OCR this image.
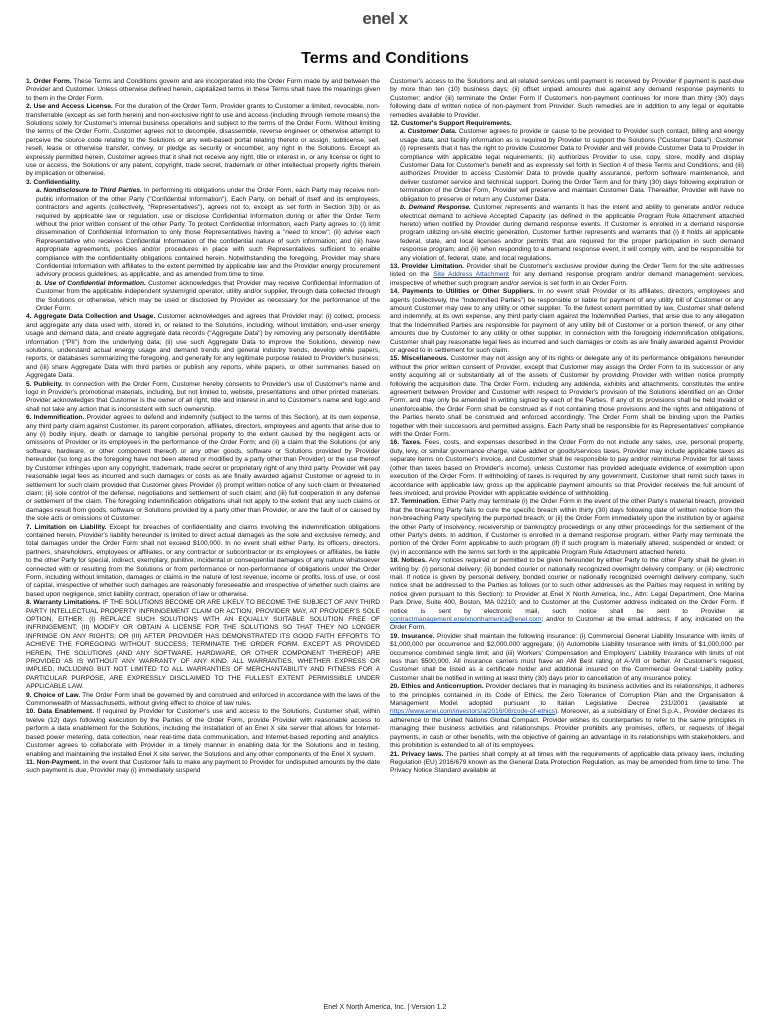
enel x
Terms and Conditions

1. Order Form. These Terms and Conditions govern and are incorporated into the Order Form made by and between the Provider and Customer. Unless otherwise defined herein, capitalized terms in these Terms shall have the meanings given to them in the Order Form.

2. Use and Access License. For the duration of the Order Term, Provider grants to Customer a limited, revocable, non-transferrable (except as set forth herein) and non-exclusive right to use and access (including through remote means) the Solutions solely for Customer's internal business operations and subject to the terms of the Order Form. Without limiting the terms of the Order Form, Customer agrees not to decompile, disassemble, reverse engineer or otherwise attempt to perceive the source code relating to the Solutions or any web-based portal relating thereto or assign, sublicense, sell, resell, lease or otherwise transfer, convey, or pledge as security or encumber, any right in the Solutions. Except as expressly permitted herein, Customer agrees that it shall not receive any right, title or interest in, or any license or right to use or access, the Solutions or any patent, copyright, trade secret, trademark or other intellectual property rights therein by implication or otherwise.

3. Confidentiality.

a. Nondisclosure to Third Parties. In performing its obligations under the Order Form, each Party may receive non-public information of the other Party ("Confidential Information"). Each Party, on behalf of itself and its employees, contractors and agents (collectively, "Representatives"), agrees not to, except as set forth in Section 3(b) or as required by applicable law or regulation, use or disclose Confidential Information during or after the Order Term without the prior written consent of the other Party. To protect Confidential Information, each Party agrees to: (i) limit dissemination of Confidential Information to only those Representatives having a "need to know"; (ii) advise each Representative who receives Confidential Information of the confidential nature of such information; and (iii) have appropriate agreements, policies and/or procedures in place with such Representatives sufficient to enable compliance with the confidentiality obligations contained herein. Notwithstanding the foregoing, Provider may share Confidential Information with affiliates to the extent permitted by applicable law and the Provider energy procurement advisory process guidelines, as applicable, and as amended from time to time.

b. Use of Confidential Information. Customer acknowledges that Provider may receive Confidential Information of Customer from the applicable independent system/grid operator, utility and/or supplier, through data collected through the Solutions or otherwise, which may be used or disclosed by Provider as necessary for the performance of the Order Form.

4. Aggregate Data Collection and Usage. Customer acknowledges and agrees that Provider may: (i) collect, process and aggregate any data used with, stored in, or related to the Solutions, including, without limitation, end-user energy usage and demand data, and create aggregate data records ("Aggregate Data") by removing any personally identifiable information ("PII") from the underlying data; (ii) use such Aggregate Data to improve the Solutions, develop new solutions, understand actual energy usage and demand trends and general industry trends, develop white papers, reports, or databases summarizing the foregoing, and generally for any legitimate purpose related to Provider's business; and (iii) share Aggregate Data with third parties or publish any reports, white papers, or other summaries based on Aggregate Data.

5. Publicity. In connection with the Order Form, Customer hereby consents to Provider's use of Customer's name and logo in Provider's promotional materials, including, but not limited to, website, presentations and other printed materials. Provider acknowledges that Customer is the owner of all right, title and interest in and to Customer's name and logo and shall not take any action that is inconsistent with such ownership.

6. Indemnification. Provider agrees to defend and indemnify (subject to the terms of this Section), at its own expense, any third party claim against Customer, its parent corporation, affiliates, directors, employees and agents that arise due to any (i) bodily injury, death or damage to tangible personal property to the extent caused by the negligent acts or omissions of Provider or its employees in the performance of the Order Form; and (ii) a claim that the Solutions (or any software, hardware, or other component thereof) or any other goods, software or Solutions provided by Provider hereunder (so long as the foregoing have not been altered or modified by a party other than Provider) or the use thereof by Customer infringes upon any copyright, trademark, trade secret or proprietary right of any third party. Provider will pay reasonable legal fees as incurred and such damages or costs as are finally awarded against Customer or agreed to in settlement for such claim provided that Customer gives Provider (i) prompt written notice of any such claim or threatened claim; (ii) sole control of the defense, negotiations and settlement of such claim; and (iii) full cooperation in any defense or settlement of the claim. The foregoing indemnification obligations shall not apply to the extent that any such claims or damages result from goods, software or Solutions provided by a party other than Provider, or are the fault of or caused by the sole acts or omissions of Customer.

7. Limitation on Liability. Except for breaches of confidentiality and claims involving the indemnification obligations contained herein, Provider's liability hereunder is limited to direct actual damages as the sole and exclusive remedy, and total damages under the Order Form shall not exceed $100,000. In no event shall either Party, its officers, directors, partners, shareholders, employees or affiliates, or any contractor or subcontractor or its employees or affiliates, be liable to the other Party for special, indirect, exemplary, punitive, incidental or consequential damages of any nature whatsoever connected with or resulting from the Solutions or from performance or non-performance of obligations under the Order Form, including without limitation, damages or claims in the nature of lost revenue, income or profits, loss of use, or cost of capital, irrespective of whether such damages are reasonably foreseeable and irrespective of whether such claims are based upon negligence, strict liability contract, operation of law or otherwise.

8. Warranty Limitations. IF THE SOLUTIONS BECOME OR ARE LIKELY TO BECOME THE SUBJECT OF ANY THIRD PARTY INTELLECTUAL PROPERTY INFRINGEMENT CLAIM OR ACTION, PROVIDER MAY, AT PROVIDER'S SOLE OPTION, EITHER: (I) REPLACE SUCH SOLUTIONS WITH AN EQUALLY SUITABLE SOLUTION FREE OF INFRINGEMENT; (II) MODIFY OR OBTAIN A LICENSE FOR THE SOLUTIONS SO THAT THEY NO LONGER INFRINGE ON ANY RIGHTS; OR (III) AFTER PROVIDER HAS DEMONSTRATED ITS GOOD FAITH EFFORTS TO ACHIEVE THE FOREGOING WITHOUT SUCCESS, TERMINATE THE ORDER FORM. EXCEPT AS PROVIDED HEREIN, THE SOLUTIONS (AND ANY SOFTWARE, HARDWARE, OR OTHER COMPONENT THEREOF) ARE PROVIDED AS IS WITHOUT ANY WARRANTY OF ANY KIND. ALL WARRANTIES, WHETHER EXPRESS OR IMPLIED, INCLUDING BUT NOT LIMITED TO ALL WARRANTIES OF MERCHANTABILITY AND FITNESS FOR A PARTICULAR PURPOSE, ARE EXPRESSLY DISCLAIMED TO THE FULLEST EXTENT PERMISSIBLE UNDER APPLICABLE LAW.

9. Choice of Law. The Order Form shall be governed by and construed and enforced in accordance with the laws of the Commonwealth of Massachusetts, without giving effect to choice of law rules.

10. Data Enablement. If required by Provider for Customer's use and access to the Solutions, Customer shall, within twelve (12) days following execution by the Parties of the Order Form, provide Provider with reasonable access to perform a data enablement for the Solutions, including the installation of an Enel X site server that allows for Internet-based power metering, data collection, near real-time data communication, and Internet-based reporting and analytics. Customer agrees to collaborate with Provider in a timely manner in enabling data for the Solutions and in testing, enabling and maintaining the installed Enel X site server, the Solutions and any other components of the Enel X system.

11. Non-Payment. In the event that Customer fails to make any payment to Provider for undisputed amounts by the date such payment is due, Provider may (i) immediately suspend

Customer's access to the Solutions and all related services until payment is received by Provider if payment is past-due by more than ten (10) business days; (ii) offset unpaid amounts due against any demand response payments to Customer; and/or (iii) terminate the Order Form if Customer's non-payment continues for more than thirty (30) days following date of written notice of non-payment from Provider. Such remedies are in addition to any legal or equitable remedies available to Provider.

12. Customer's Support Requirements.

a. Customer Data. Customer agrees to provide or cause to be provided to Provider such contact, billing and energy usage data, and facility information as is required by Provider to support the Solutions ("Customer Data"). Customer (i) represents that it has the right to provide Customer Data to Provider and will provide Customer Data to Provider in compliance with applicable legal requirements; (ii) authorizes Provider to use, copy, store, modify and display Customer Data for Customer's benefit and as expressly set forth in Section 4 of these Terms and Conditions; and (iii) authorizes Provider to access Customer Data to provide quality assurance, perform software maintenance, and deliver customer service and technical support. During the Order Term and for thirty (30) days following expiration or termination of the Order Form, Provider will preserve and maintain Customer Data. Thereafter, Provider will have no obligation to preserve or return any Customer Data.

b. Demand Response. Customer represents and warrants it has the intent and ability to generate and/or reduce electrical demand to achieve Accepted Capacity (as defined in the applicable Program Rule Attachment attached hereto) when notified by Provider during demand response events. If Customer is enrolled in a demand response program utilizing on-site electric generation, Customer further represents and warrants that (i) it holds all applicable federal, state, and local licenses and/or permits that are required for the proper participation in such demand response program; and (ii) when responding to a demand response event, it will comply with, and be responsible for any violation of, federal, state, and local regulations.

13. Provider Limitation. Provider shall be Customer's exclusive provider during the Order Term for the site addresses listed on the Site Address Attachment for any demand response program and/or demand management services, irrespective of whether such program and/or service is set forth in an Order Form.

14. Payments to Utilities or Other Suppliers. In no event shall Provider or its affiliates, directors, employees and agents (collectively, the "Indemnified Parties") be responsible or liable for payment of any utility bill of Customer or any amount Customer may owe to any utility or other supplier. To the fullest extent permitted by law, Customer shall defend and indemnify, at its own expense, any third party claim against the Indemnified Parties, that arise due to any allegation that the Indemnified Parties are responsible for payment of any utility bill of Customer or a portion thereof, or any other amounts due by Customer to any utility or other supplier. In connection with the foregoing indemnification obligations, Customer shall pay reasonable legal fees as incurred and such damages or costs as are finally awarded against Provider or agreed to in settlement for such claim.

15. Miscellaneous. Customer may not assign any of its rights or delegate any of its performance obligations hereunder without the prior written consent of Provider, except that Customer may assign the Order Form to its successor or any entity acquiring all or substantially all of the assets of Customer by providing Provider with written notice promptly following the acquisition date. The Order Form, including any addenda, exhibits and attachments, constitutes the entire agreement between Provider and Customer with respect to Provider's provision of the Solutions identified on an Order Form, and may only be amended in writing signed by each of the Parties. If any of its provisions shall be held invalid or unenforceable, the Order Form shall be construed as if not containing those provisions and the rights and obligations of the Parties hereto shall be construed and enforced accordingly. The Order Form shall be binding upon the Parties together with their successors and permitted assigns. Each Party shall be responsible for its Representatives' compliance with the Order Form.

16. Taxes. Fees, costs, and expenses described in the Order Form do not include any sales, use, personal property, duty, levy, or similar governance charge, value added or goods/services taxes. Provider may include applicable taxes as separate items on Customer's invoice, and Customer shall be responsible to pay and/or reimburse Provider for all taxes (other than taxes based on Provider's income), unless Customer has provided adequate evidence of exemption upon execution of the Order Form. If withholding of taxes is required by any government, Customer shall remit such taxes in accordance with applicable law, gross up the applicable payment amounts so that Provider receives the full amount of fees invoiced, and provide Provider with applicable evidence of withholding.

17. Termination. Either Party may terminate (i) the Order Form in the event of the other Party's material breach, provided that the breaching Party fails to cure the specific breach within thirty (30) days following date of written notice from the non-breaching Party specifying the purported breach; or (ii) the Order Form immediately upon the institution by or against the other Party of insolvency, receivership or bankruptcy proceedings or any other proceedings for the settlement of the other Party's debts. In addition, if Customer is enrolled in a demand response program, either Party may terminate the portion of the Order Form applicable to such program (if) if such program is materially altered, suspended or ended; or (iv) in accordance with the terms set forth in the applicable Program Rule Attachment attached hereto.

18. Notices. Any notices required or permitted to be given hereunder by either Party to the other Party shall be given in writing by: (i) personal delivery; (ii) bonded courier or nationally recognized overnight delivery company; or (iii) electronic mail. If notice is given by personal delivery, bonded courier or nationally recognized overnight delivery company, such notice shall be addressed to the Parties as follows (or to such other addresses as the Parties may request in writing by notice given pursuant to this Section): to Provider at Enel X North America, Inc., Attn: Legal Department, One Marina Park Drive, Suite 400, Boston, MA 02210; and to Customer at the Customer address indicated on the Order Form. If notice is sent by electronic mail, such notice shall be sent to Provider at contractmanagement.enelxnorthamerica@enel.com; and/or to Customer at the email address, if any, indicated on the Order Form.

19. Insurance. Provider shall maintain the following insurance: (i) Commercial General Liability Insurance with limits of $1,000,000 per occurrence and $2,000,000 aggregate; (ii) Automobile Liability Insurance with limits of $1,000,000 per occurrence combined single limit; and (iii) Workers' Compensation and Employers' Liability Insurance with limits of not less than $500,000. All insurance carriers must have an AM Best rating of A-VIII or better. At Customer's request, Customer shall be listed as a certificate holder and additional insured on the Commercial General Liability policy. Customer shall be notified in writing at least thirty (30) days prior to cancellation of any insurance policy.

20. Ethics and Anticorruption. Provider declares that in managing its business activities and its relationships, it adheres to the principles contained in its Code of Ethics, the Zero Tolerance of Corruption Plan and the Organisation & Management Model adopted pursuant to Italian Legislative Decree 231/2001 (available at https://www.enel.com/investors/a/2016/08/code-of-ethics). Moreover, as a subsidiary of Enel S.p.A., Provider declares its adherence to the United Nations Global Compact. Provider wishes its counterparties to refer to the same principles in managing their business activities and relationships. Provider prohibits any promises, offers, or requests of illegal payments, in cash or other benefits, with the objective of gaining an advantage in its relationships with stakeholders, and this prohibition is extended to all of its employees.

21. Privacy laws. The parties shall comply at all times with the requirements of applicable data privacy laws, including Regulation (EU) 2016/679 known as the General Data Protection Regulation, as may be amended from time to time. The Privacy Notice Standard available at

Enel X North America, Inc. | Version 1.2
